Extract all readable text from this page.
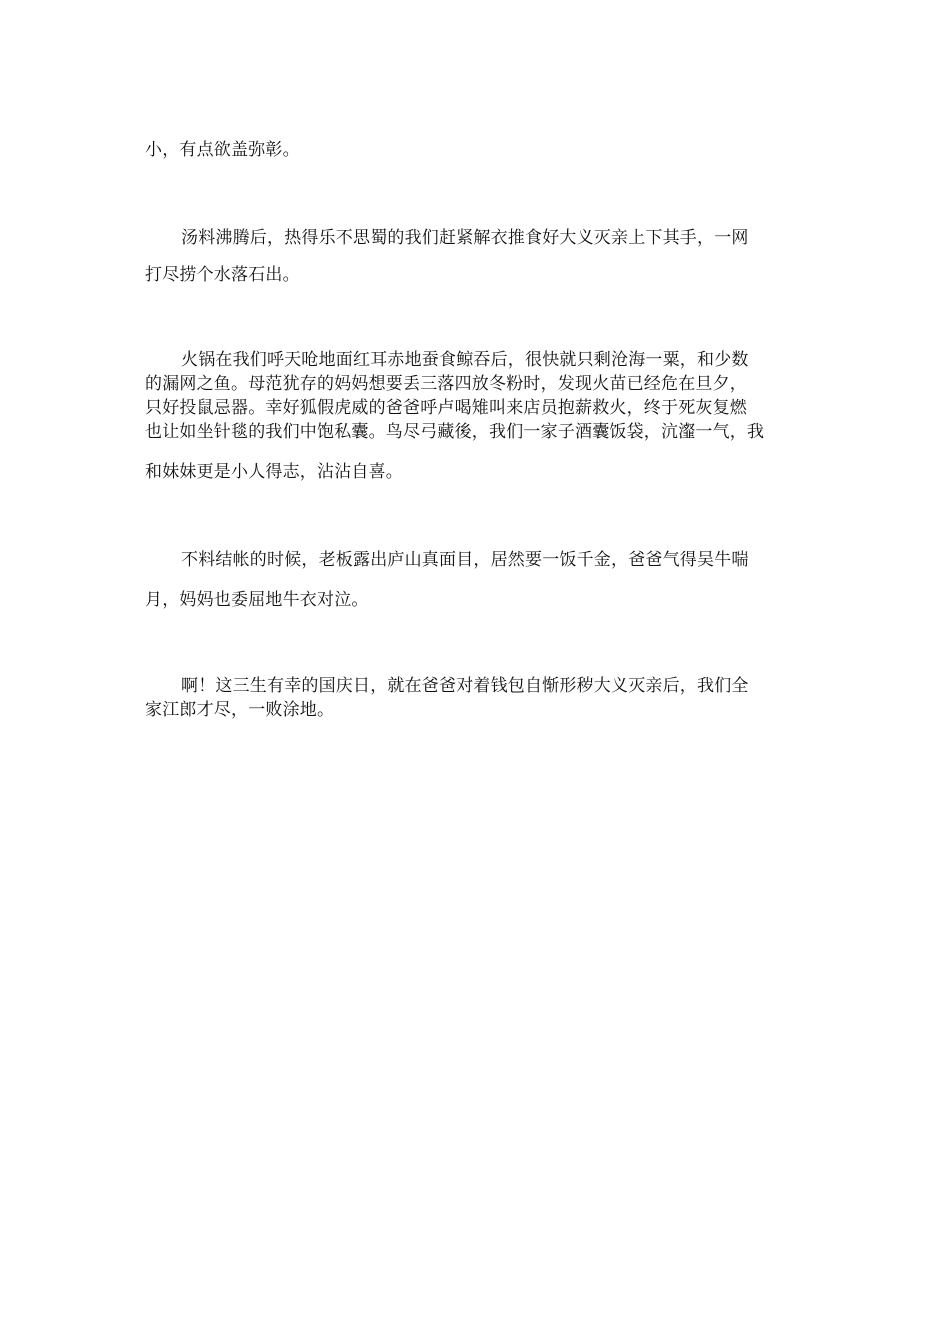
小，有点欲盖弥彰。
汤料沸腾后，热得乐不思蜀的我们赶紧解衣推食好大义灭亲上下其手，一网
打尽捞个水落石出。
火锅在我们呼天呛地面红耳赤地蚕食鲸吞后，很快就只剩沧海一粟，和少数
的漏网之鱼。母范犹存的妈妈想要丢三落四放冬粉时，发现火苗已经危在旦夕，
只好投鼠忌器。幸好狐假虎威的爸爸呼卢喝雉叫来店员抱薪救火，终于死灰复燃
也让如坐针毯的我们中饱私囊。鸟尽弓藏後，我们一家子酒囊饭袋，沆瀣一气，我
和妹妹更是小人得志，沾沾自喜。
不料结帐的时候，老板露出庐山真面目，居然要一饭千金，爸爸气得吴牛喘
月，妈妈也委屈地牛衣对泣。
啊！这三生有幸的国庆日，就在爸爸对着钱包自惭形秽大义灭亲后，我们全
家江郎才尽，一败涂地。
